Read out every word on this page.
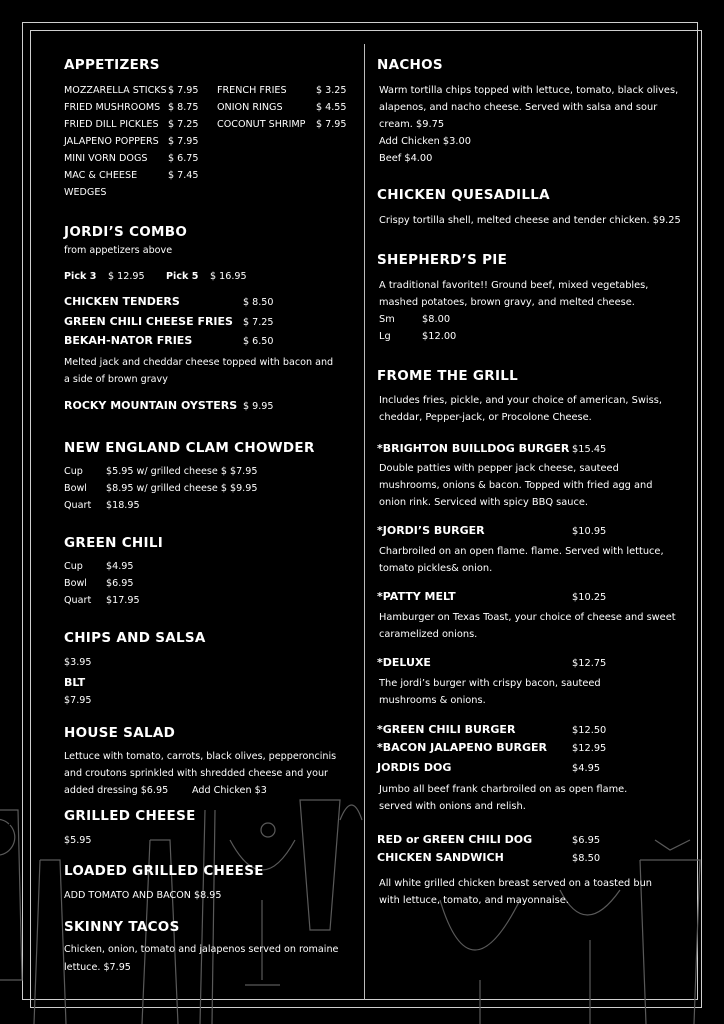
APPETIZERS
MOZZARELLA STICKS $ 7.95
FRIED MUSHROOMS $ 8.75
FRIED DILL PICKLES $ 7.25
JALAPENO POPPERS $ 7.95
MINI VORN DOGS $ 6.75
MAC & CHEESE	$ 7.45
WEDGES
FRENCH FRIES	$ 3.25
ONION RINGS	$ 4.55
COCONUT SHRIMP $ 7.95
JORDI’S COMBO
from appetizers above
Pick 3 $ 12.95 Pick 5 $ 16.95
CHICKEN TENDERS	$ 8.50
GREEN CHILI CHEESE FRIES $ 7.25
BEKAH-NATOR FRIES	$ 6.50
Melted jack and cheddar cheese topped with bacon and
a side of brown gravy
ROCKY MOUNTAIN OYSTERS $ 9.95
NEW ENGLAND CLAM CHOWDER
Cup $5.95 w/ grilled cheese $ $7.95
Bowl $8.95 w/ grilled cheese $ $9.95
Quart $18.95
GREEN CHILI
Cup $4.95
Bowl $6.95
Quart $17.95
CHIPS AND SALSA
$3.95
BLT
$7.95
HOUSE SALAD
Lettuce with tomato, carrots, black olives, pepperoncinis
and croutons sprinkled with shredded cheese and your
added dressing $6.95 Add Chicken $3
GRILLED CHEESE
$5.95
LOADED GRILLED CHEESE
ADD TOMATO AND BACON $8.95
SKINNY TACOS
Chicken, onion, tomato and jalapenos served on romaine
lettuce. $7.95
NACHOS
Warm tortilla chips topped with lettuce, tomato, black olives,
alapenos, and nacho cheese. Served with salsa and sour
cream. $9.75
Add Chicken $3.00
Beef $4.00
CHICKEN QUESADILLA
Crispy tortilla shell, melted cheese and tender chicken. $9.25
SHEPHERD’S PIE
A traditional favorite!! Ground beef, mixed vegetables,
mashed potatoes, brown gravy, and melted cheese.
Sm	$8.00
Lg	$12.00
FROME THE GRILL
Includes fries, pickle, and your choice of american, Swiss,
cheddar, Pepper-jack, or Procolone Cheese.
*BRIGHTON BUILLDOG BURGER $15.45
Double patties with pepper jack cheese, sauteed
mushrooms, onions & bacon. Topped with fried agg and
onion rink. Serviced with spicy BBQ sauce.
*JORDI’S BURGER	$10.95
Charbroiled on an open flame. flame. Served with lettuce,
tomato pickles& onion.
*PATTY MELT	$10.25
Hamburger on Texas Toast, your choice of cheese and sweet
caramelized onions.
*DELUXE	$12.75
The jordi’s burger with crispy bacon, sauteed
mushrooms & onions.
*GREEN CHILI BURGER	$12.50
*BACON JALAPENO BURGER	$12.95
JORDIS DOG	$4.95
Jumbo all beef frank charbroiled on as open flame.
served with onions and relish.
RED or GREEN CHILI DOG	$6.95
CHICKEN SANDWICH	$8.50
All white grilled chicken breast served on a toasted bun
with lettuce, tomato, and mayonnaise.
